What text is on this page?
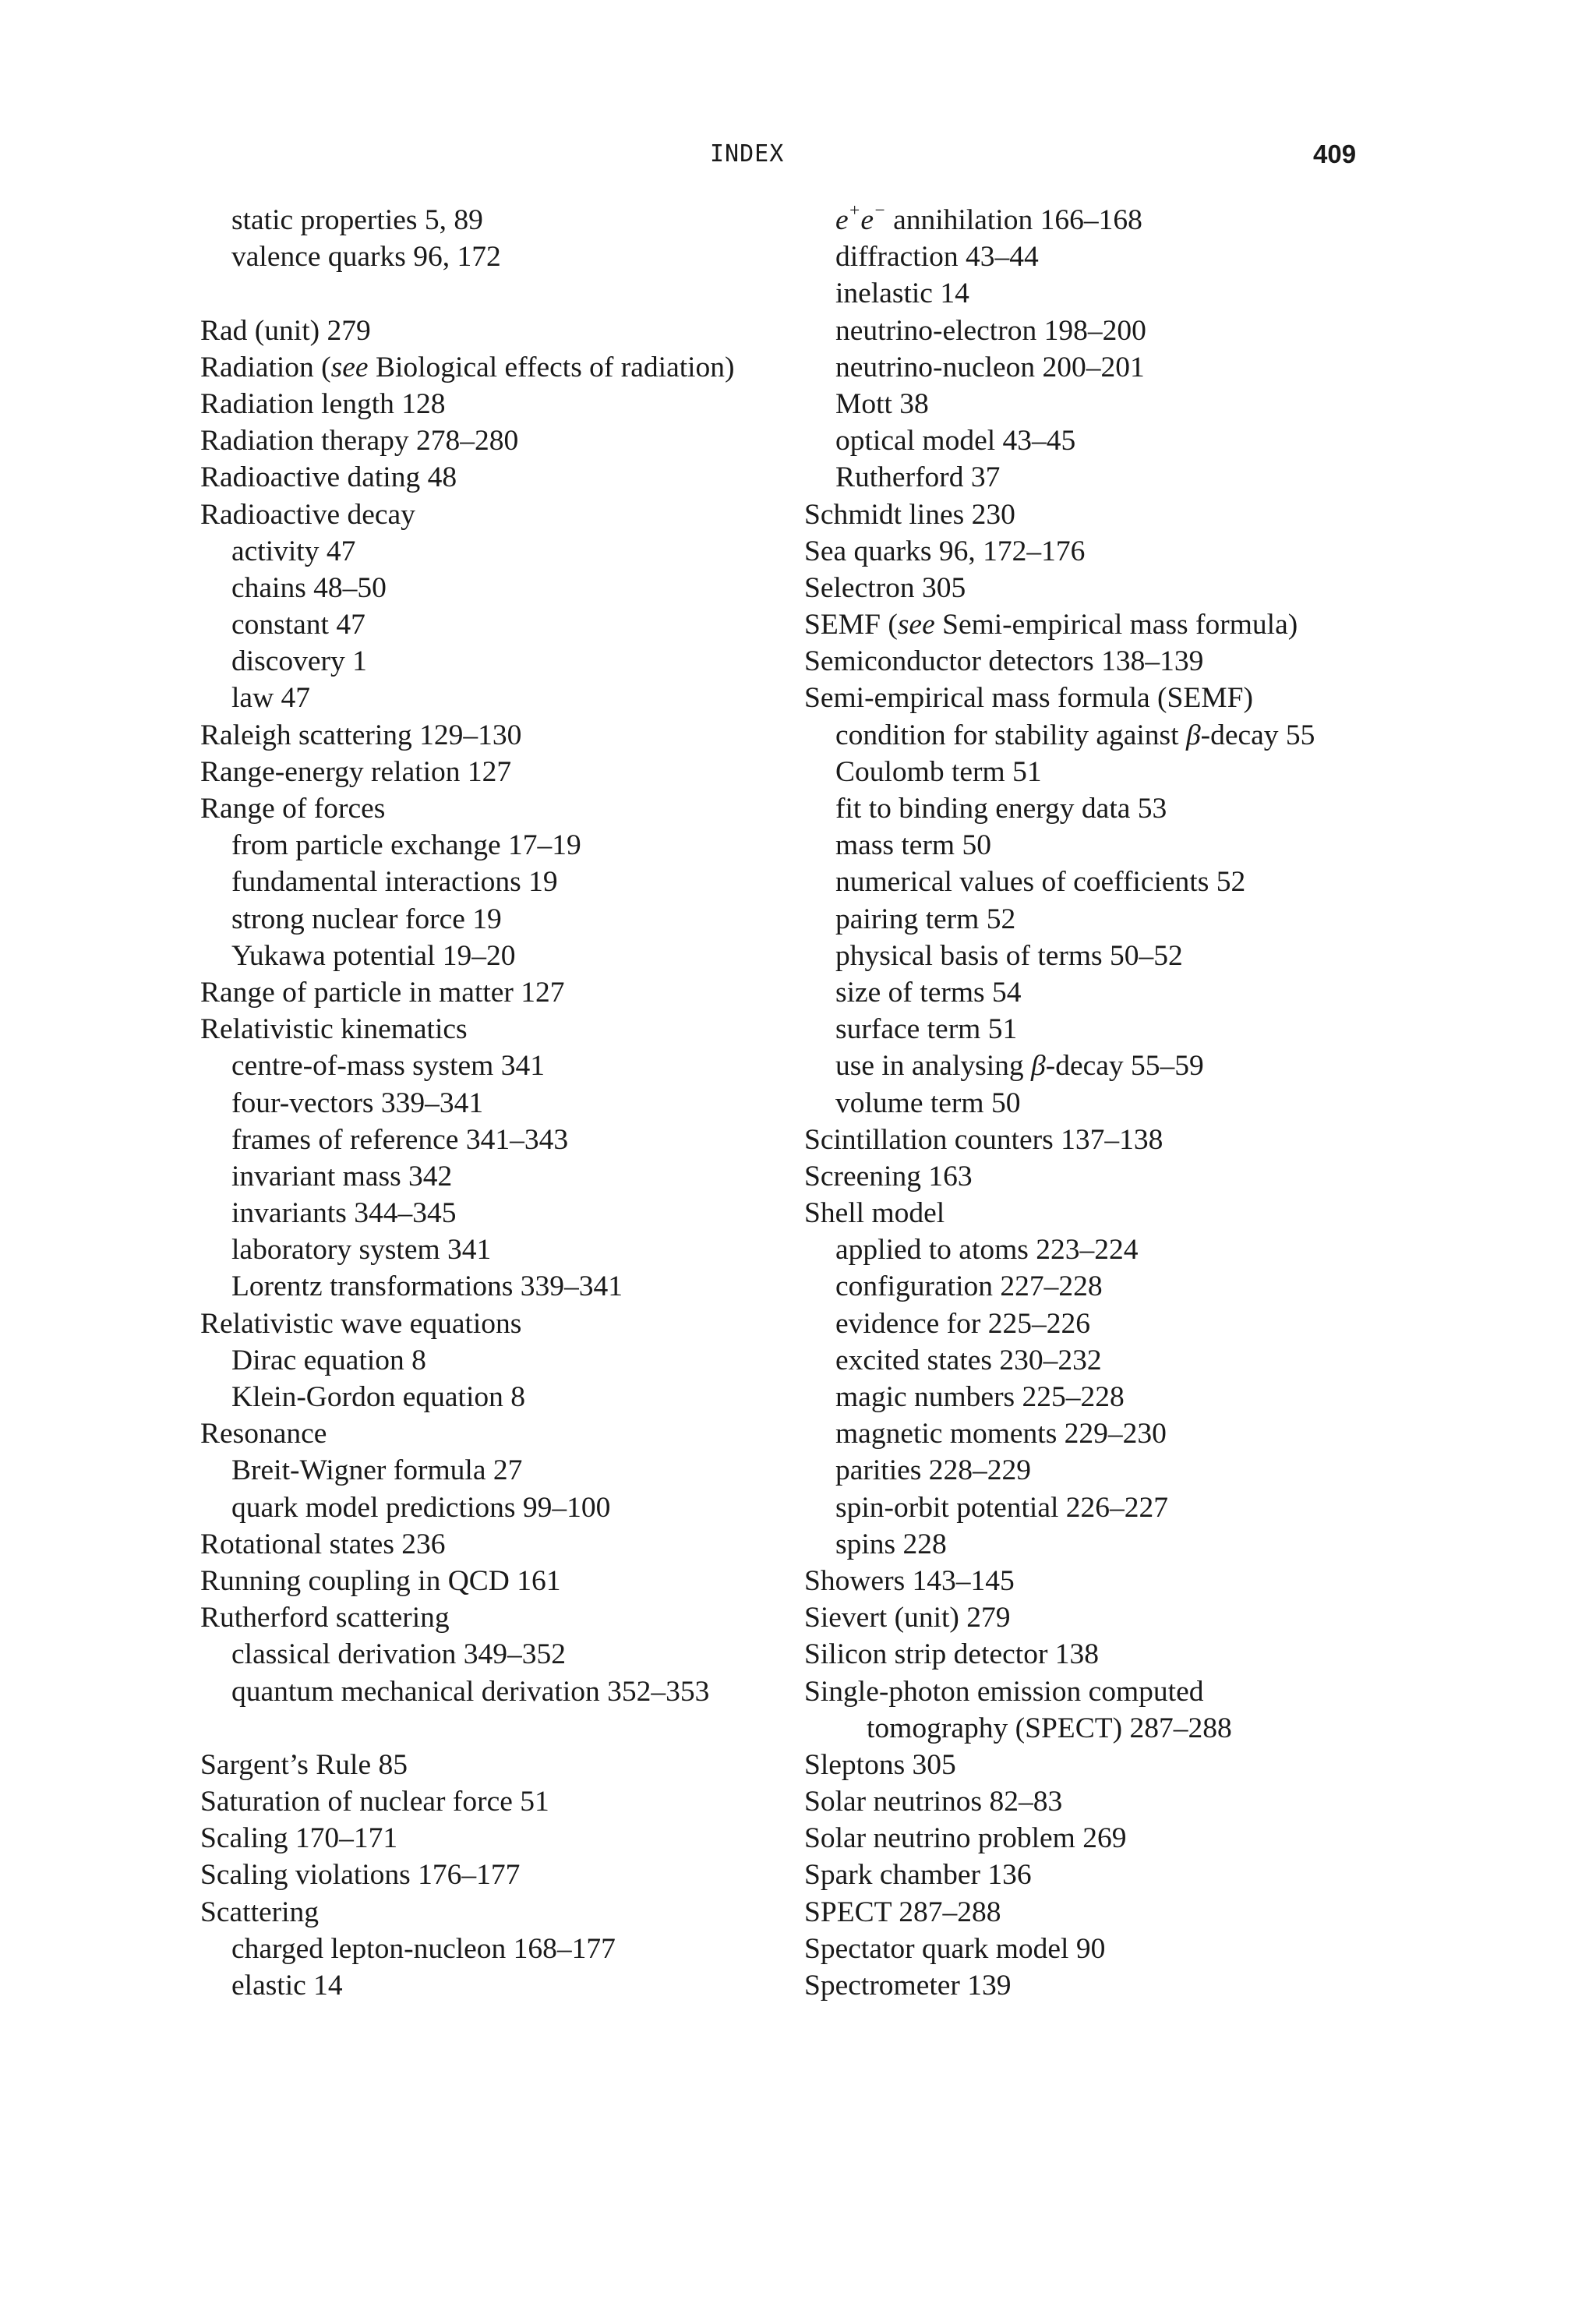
INDEX	409
static properties 5, 89
valence quarks 96, 172
Rad (unit) 279
Radiation (see Biological effects of radiation)
Radiation length 128
Radiation therapy 278–280
Radioactive dating 48
Radioactive decay
activity 47
chains 48–50
constant 47
discovery 1
law 47
Raleigh scattering 129–130
Range-energy relation 127
Range of forces
from particle exchange 17–19
fundamental interactions 19
strong nuclear force 19
Yukawa potential 19–20
Range of particle in matter 127
Relativistic kinematics
centre-of-mass system 341
four-vectors 339–341
frames of reference 341–343
invariant mass 342
invariants 344–345
laboratory system 341
Lorentz transformations 339–341
Relativistic wave equations
Dirac equation 8
Klein-Gordon equation 8
Resonance
Breit-Wigner formula 27
quark model predictions 99–100
Rotational states 236
Running coupling in QCD 161
Rutherford scattering
classical derivation 349–352
quantum mechanical derivation 352–353
Sargent’s Rule 85
Saturation of nuclear force 51
Scaling 170–171
Scaling violations 176–177
Scattering
charged lepton-nucleon 168–177
elastic 14
e+e− annihilation 166–168
diffraction 43–44
inelastic 14
neutrino-electron 198–200
neutrino-nucleon 200–201
Mott 38
optical model 43–45
Rutherford 37
Schmidt lines 230
Sea quarks 96, 172–176
Selectron 305
SEMF (see Semi-empirical mass formula)
Semiconductor detectors 138–139
Semi-empirical mass formula (SEMF)
condition for stability against β-decay 55
Coulomb term 51
fit to binding energy data 53
mass term 50
numerical values of coefficients 52
pairing term 52
physical basis of terms 50–52
size of terms 54
surface term 51
use in analysing β-decay 55–59
volume term 50
Scintillation counters 137–138
Screening 163
Shell model
applied to atoms 223–224
configuration 227–228
evidence for 225–226
excited states 230–232
magic numbers 225–228
magnetic moments 229–230
parities 228–229
spin-orbit potential 226–227
spins 228
Showers 143–145
Sievert (unit) 279
Silicon strip detector 138
Single-photon emission computed
tomography (SPECT) 287–288
Sleptons 305
Solar neutrinos 82–83
Solar neutrino problem 269
Spark chamber 136
SPECT 287–288
Spectator quark model 90
Spectrometer 139
